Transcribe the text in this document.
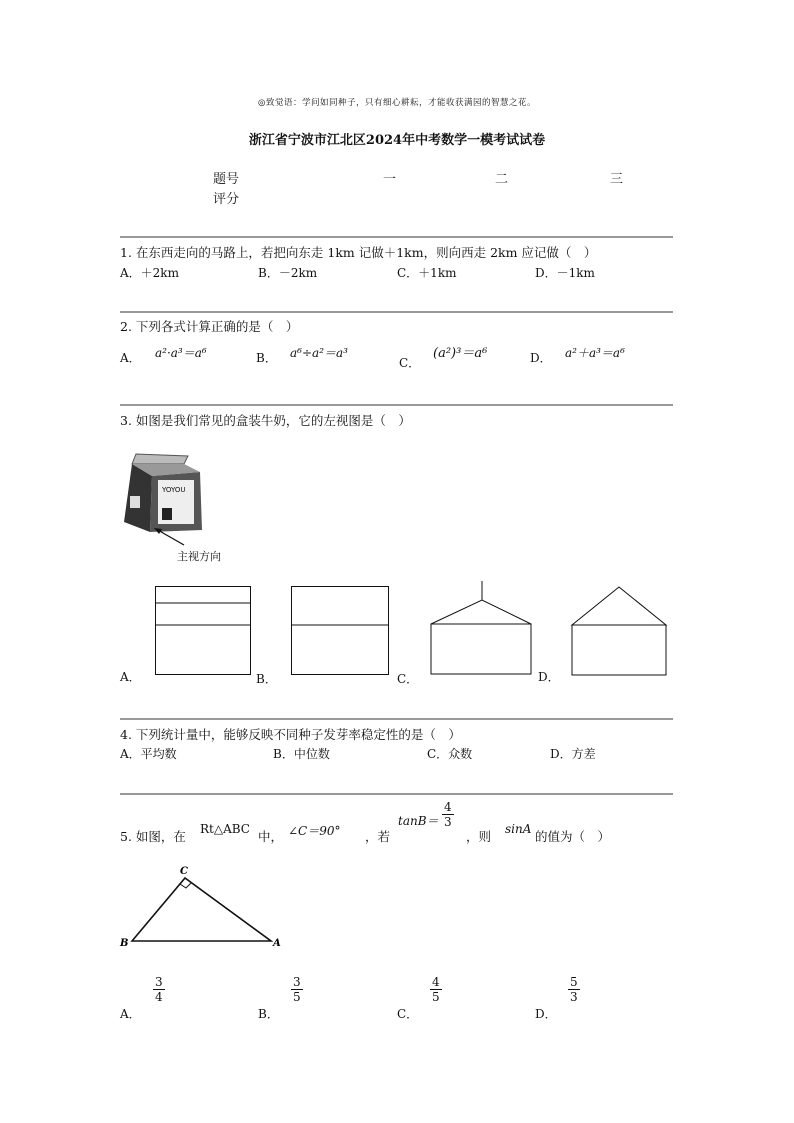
◎致觉语：学问如同种子，只有细心耕耘，才能收获满园的智慧之花。
浙江省宁波市江北区2024年中考数学一模考试试卷
题号	一	二	三
评分
1. 在东西走向的马路上，若把向东走 1km 记做＋1km，则向西走 2km 应记做（　）
A．＋2km	B．－2km	C．＋1km	D．－1km
2. 下列各式计算正确的是（　）
A． a²·a³＝a⁶	B． a⁶÷a²＝a³
C．
(a²)³＝a⁶	D． a²＋a³＝a⁶
3. 如图是我们常见的盒装牛奶，它的左视图是（　）
YOYOU
主视方向
A．	B．	C．	D．
4. 下列统计量中，能够反映不同种子发芽率稳定性的是（　）
A．平均数	B．中位数	C．众数	D．方差
5. 如图，在 Rt△ABC 中， ∠C＝90° ，若
$\tan B= \frac{4}{3}$
，则 sinA 的值为（　）
C
B	A
A．
$\frac{3}{4}$
B．
$\frac{3}{5}$
C．
$\frac{4}{5}$
D．
$\frac{5}{3}$
